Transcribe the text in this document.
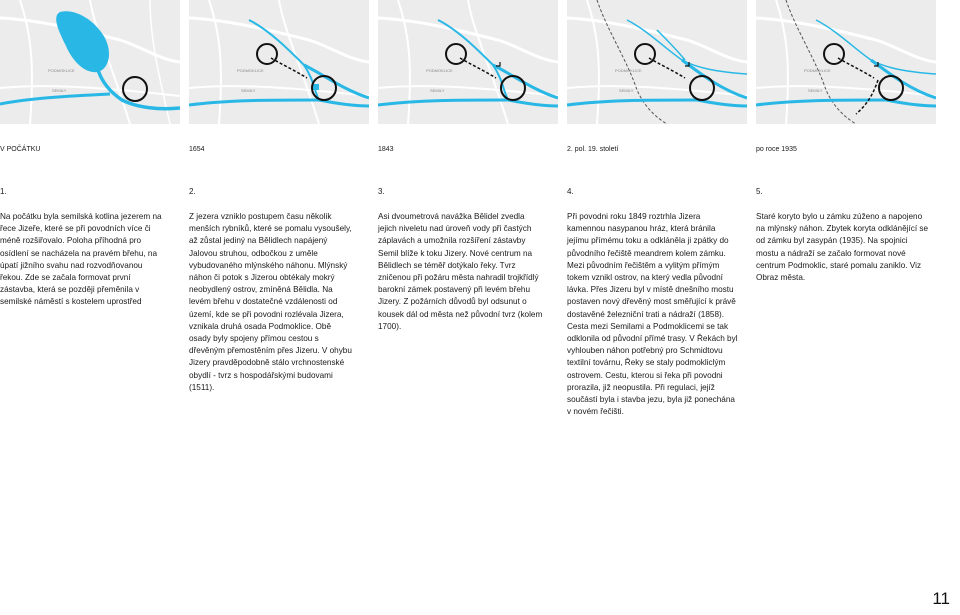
PODMOKLICE
SEMILY
PODMOKLICE
SEMILY
PODMOKLICE
SEMILY
PODMOKLICE
SEMILY
PODMOKLICE
SEMILY
V POČÁTKU	1654	1843	2. pol. 19. století	po roce 1935
1.	2.	3.	4.	5.

Na počátku byla semilská kotlina jezerem na řece Jizeře, které se při povodních více či méně rozšiřovalo. Poloha příhodná pro osídlení se nacházela na pravém břehu, na úpatí jižního svahu nad rozvodňovanou řekou. Zde se začala formovat první zástavba, která se později přeměnila v semilské náměstí s kostelem uprostřed

Z jezera vzniklo postupem času několik menších rybníků, které se pomalu vysoušely, až zůstal jediný na Bělidlech napájený Jalovou struhou, odbočkou z uměle vybudovaného mlýnského náhonu. Mlýnský náhon či potok s Jizerou obtékaly mokrý neobydlený ostrov, zmíněná Bělidla. Na levém břehu v dostatečné vzdálenosti od území, kde se při povodni rozlévala Jizera, vznikala druhá osada Podmoklice. Obě osady byly spojeny přímou cestou s dřevěným přemostěním přes Jizeru. V ohybu Jizery pravděpodobně stálo vrchnostenské obydlí - tvrz s hospodářskými budovami (1511).

Asi dvoumetrová navážka Bělidel zvedla jejich niveletu nad úroveň vody při častých záplavách a umožnila rozšíření zástavby Semil blíže k toku Jizery. Nové centrum na Bělidlech se téměř dotýkalo řeky. Tvrz zničenou při požáru města nahradil trojkřídlý barokní zámek postavený při levém břehu Jizery. Z požárních důvodů byl odsunut o kousek dál od města než původní tvrz (kolem 1700).

Při povodni roku 1849 roztrhla Jizera kamennou nasypanou hráz, která bránila jejímu přímému toku a odkláněla ji zpátky do původního řečiště meandrem kolem zámku. Mezi původním řečištěm a vylitým přímým tokem vznikl ostrov, na který vedla původní lávka. Přes Jizeru byl v místě dnešního mostu postaven nový dřevěný most směřující k právě dostavěné železniční trati a nádraží (1858). Cesta mezi Semilami a Podmoklicemi se tak odklonila od původní přímé trasy. V Řekách byl vyhlouben náhon potřebný pro Schmidtovu textilní továrnu, Řeky se staly podmokliclým ostrovem. Cestu, kterou si řeka při povodni prorazila, již neopustila. Při regulaci, jejíž součástí byla i stavba jezu, byla již ponechána v novém řečišti.

Staré koryto bylo u zámku zúženo a napojeno na mlýnský náhon. Zbytek koryta odklánějící se od zámku byl zasypán (1935). Na spojnici mostu a nádraží se začalo formovat nové centrum Podmoklic, staré pomalu zaniklo. Viz Obraz města.

11
